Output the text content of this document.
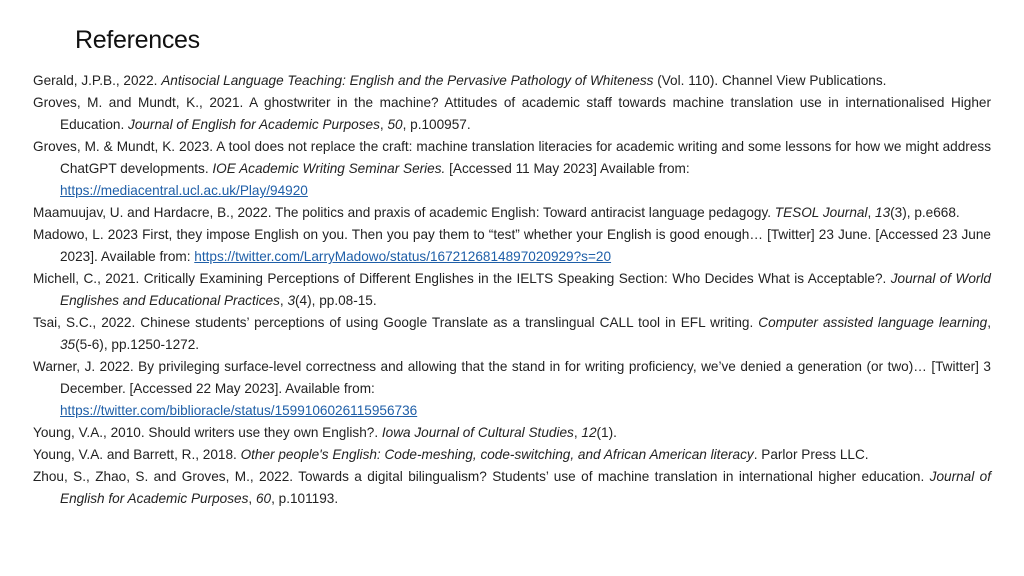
References

Gerald, J.P.B., 2022. Antisocial Language Teaching: English and the Pervasive Pathology of Whiteness (Vol. 110). Channel View Publications.

Groves, M. and Mundt, K., 2021. A ghostwriter in the machine? Attitudes of academic staff towards machine translation use in internationalised Higher Education. Journal of English for Academic Purposes, 50, p.100957.

Groves, M. & Mundt, K. 2023. A tool does not replace the craft: machine translation literacies for academic writing and some lessons for how we might address ChatGPT developments. IOE Academic Writing Seminar Series. [Accessed 11 May 2023] Available from:
https://mediacentral.ucl.ac.uk/Play/94920

Maamuujav, U. and Hardacre, B., 2022. The politics and praxis of academic English: Toward antiracist language pedagogy. TESOL Journal, 13(3), p.e668.

Madowo, L. 2023 First, they impose English on you. Then you pay them to “test” whether your English is good enough… [Twitter] 23 June. [Accessed 23 June 2023]. Available from: https://twitter.com/LarryMadowo/status/1672126814897020929?s=20

Michell, C., 2021. Critically Examining Perceptions of Different Englishes in the IELTS Speaking Section: Who Decides What is Acceptable?. Journal of World Englishes and Educational Practices, 3(4), pp.08-15.

Tsai, S.C., 2022. Chinese students’ perceptions of using Google Translate as a translingual CALL tool in EFL writing. Computer assisted language learning, 35(5-6), pp.1250-1272.

Warner, J. 2022. By privileging surface-level correctness and allowing that the stand in for writing proficiency, we’ve denied a generation (or two)… [Twitter] 3 December. [Accessed 22 May 2023]. Available from:
https://twitter.com/biblioracle/status/1599106026115956736

Young, V.A., 2010. Should writers use they own English?. Iowa Journal of Cultural Studies, 12(1).

Young, V.A. and Barrett, R., 2018. Other people's English: Code-meshing, code-switching, and African American literacy. Parlor Press LLC.

Zhou, S., Zhao, S. and Groves, M., 2022. Towards a digital bilingualism? Students’ use of machine translation in international higher education. Journal of English for Academic Purposes, 60, p.101193.
